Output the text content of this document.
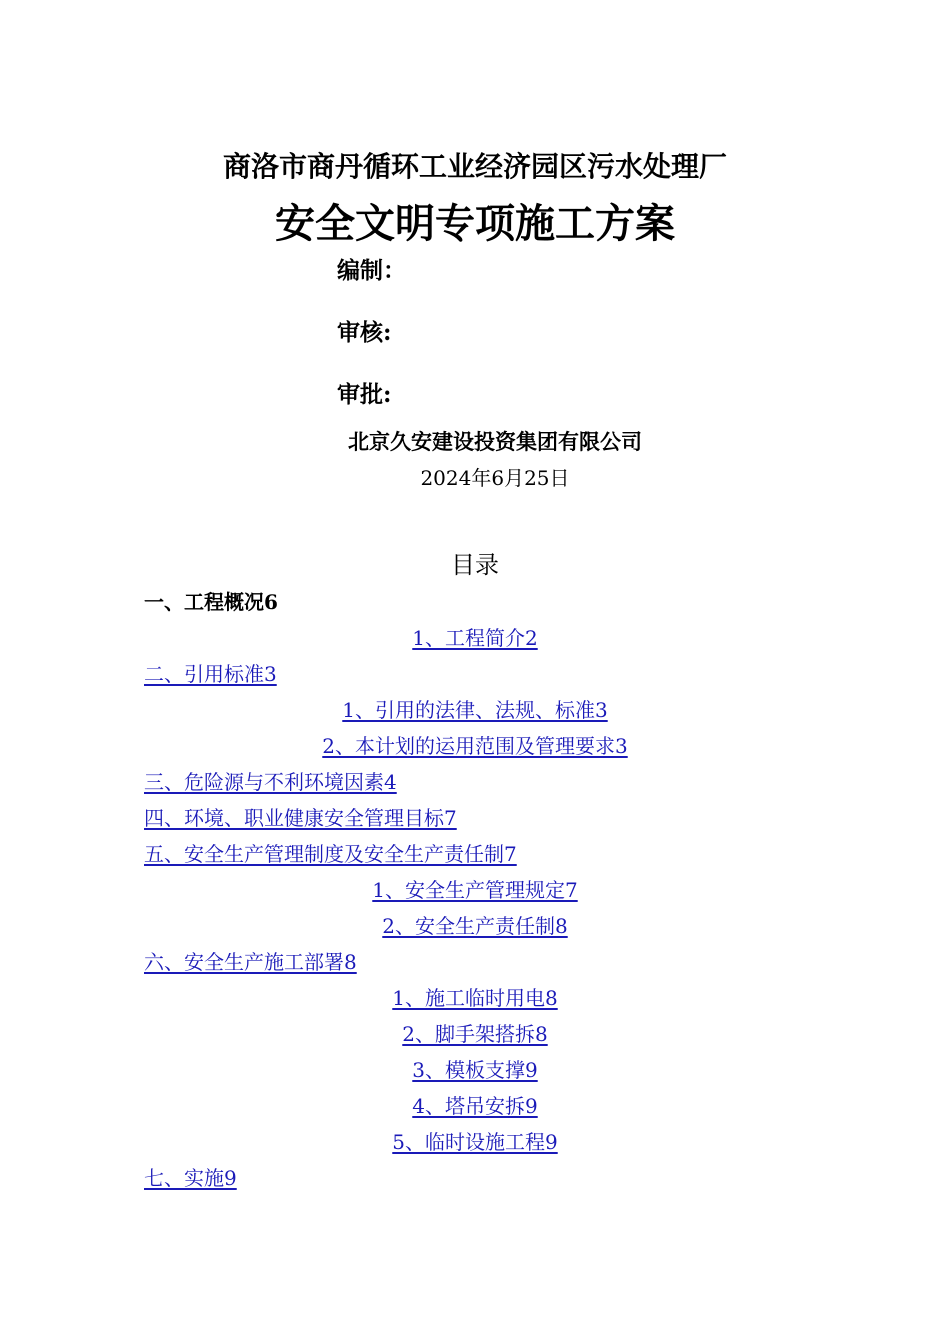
商洛市商丹循环工业经济园区污水处理厂
安全文明专项施工方案
编制：
审核:
审批:
北京久安建设投资集团有限公司
2024年6月25日
目录
一、工程概况6
1、工程简介2
二、引用标准3
1、引用的法律、法规、标准3
2、本计划的运用范围及管理要求3
三、危险源与不利环境因素4
四、环境、职业健康安全管理目标7
五、安全生产管理制度及安全生产责任制7
1、安全生产管理规定7
2、安全生产责任制8
六、安全生产施工部署8
1、施工临时用电8
2、脚手架搭拆8
3、模板支撑9
4、塔吊安拆9
5、临时设施工程9
七、实施9
